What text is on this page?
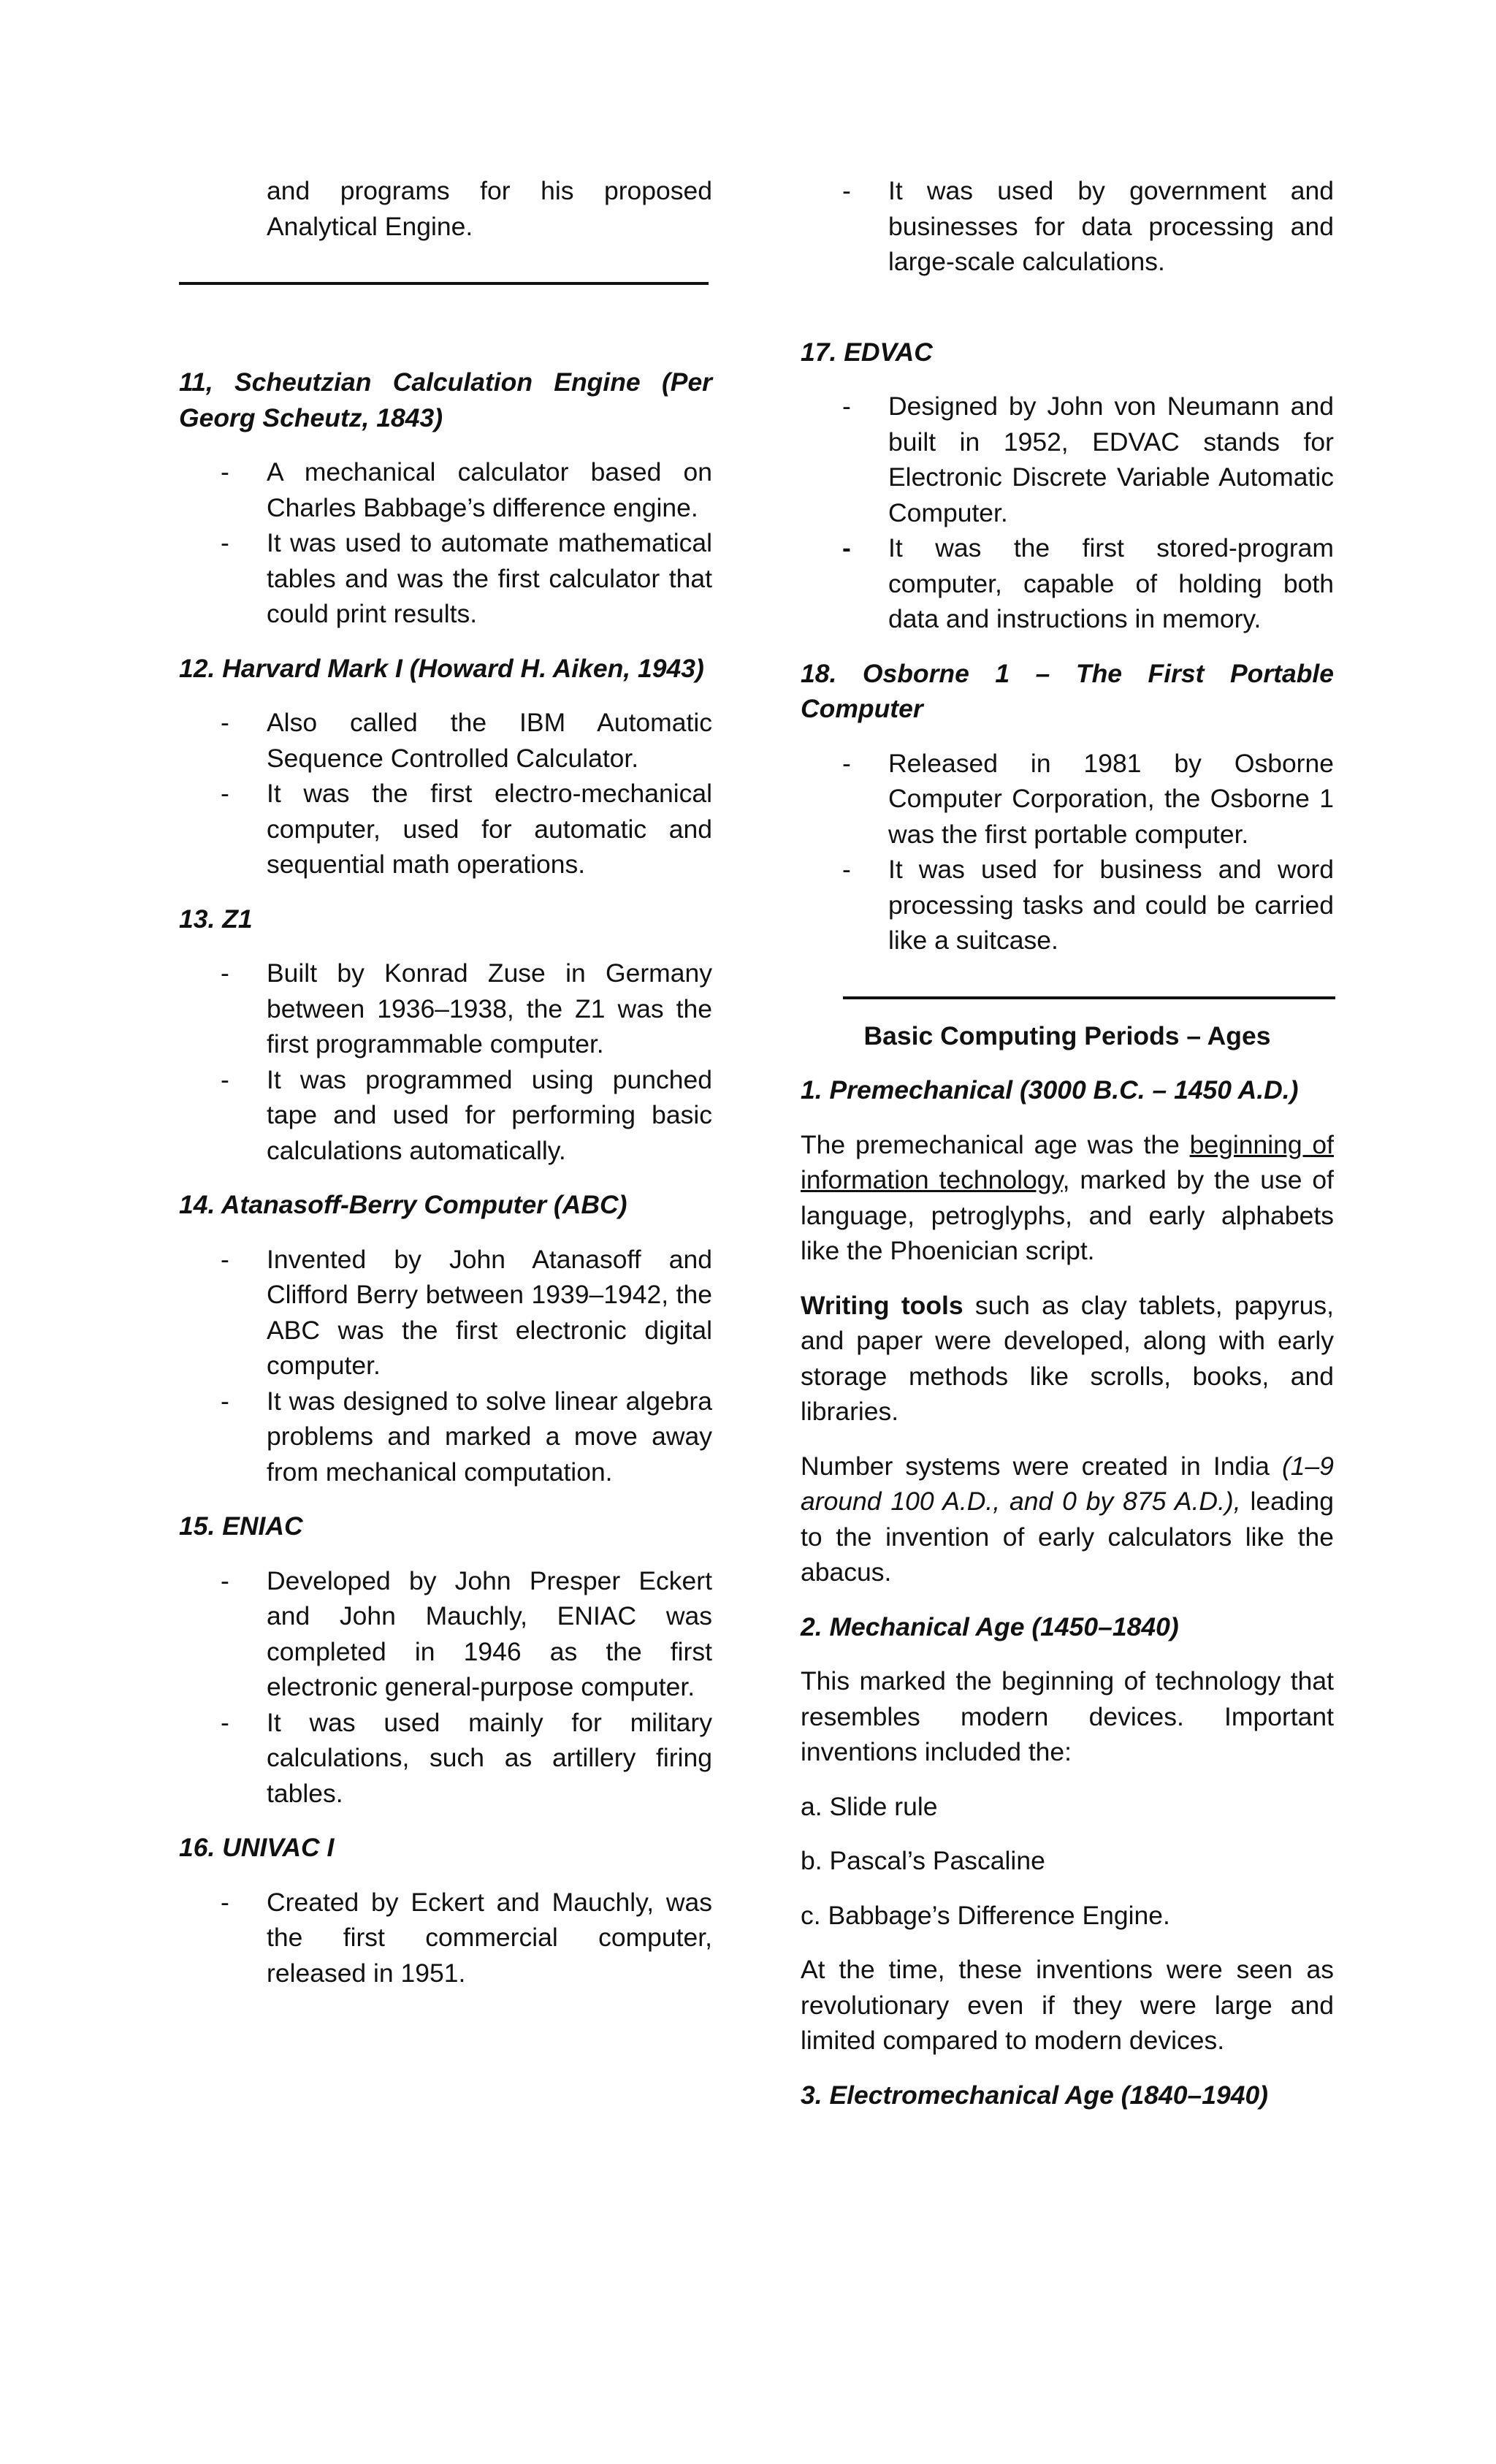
and programs for his proposed Analytical Engine.

11, Scheutzian Calculation Engine (Per Georg Scheutz, 1843)

- A mechanical calculator based on Charles Babbage’s difference engine.
- It was used to automate mathematical tables and was the first calculator that could print results.

12. Harvard Mark I (Howard H. Aiken, 1943)

- Also called the IBM Automatic Sequence Controlled Calculator.
- It was the first electro-mechanical computer, used for automatic and sequential math operations.

13. Z1

- Built by Konrad Zuse in Germany between 1936–1938, the Z1 was the first programmable computer.
- It was programmed using punched tape and used for performing basic calculations automatically.

14. Atanasoff-Berry Computer (ABC)

- Invented by John Atanasoff and Clifford Berry between 1939–1942, the ABC was the first electronic digital computer.
- It was designed to solve linear algebra problems and marked a move away from mechanical computation.

15. ENIAC

- Developed by John Presper Eckert and John Mauchly, ENIAC was completed in 1946 as the first electronic general-purpose computer.
- It was used mainly for military calculations, such as artillery firing tables.

16. UNIVAC I

- Created by Eckert and Mauchly, was the first commercial computer, released in 1951.
- It was used by government and businesses for data processing and large-scale calculations.

17. EDVAC

- Designed by John von Neumann and built in 1952, EDVAC stands for Electronic Discrete Variable Automatic Computer.
- It was the first stored-program computer, capable of holding both data and instructions in memory.

18. Osborne 1 – The First Portable Computer

- Released in 1981 by Osborne Computer Corporation, the Osborne 1 was the first portable computer.
- It was used for business and word processing tasks and could be carried like a suitcase.

Basic Computing Periods – Ages

1. Premechanical (3000 B.C. – 1450 A.D.)

The premechanical age was the beginning of information technology, marked by the use of language, petroglyphs, and early alphabets like the Phoenician script.

Writing tools such as clay tablets, papyrus, and paper were developed, along with early storage methods like scrolls, books, and libraries.

Number systems were created in India (1–9 around 100 A.D., and 0 by 875 A.D.), leading to the invention of early calculators like the abacus.

2. Mechanical Age (1450–1840)

This marked the beginning of technology that resembles modern devices. Important inventions included the:

a. Slide rule

b. Pascal’s Pascaline

c. Babbage’s Difference Engine.

At the time, these inventions were seen as revolutionary even if they were large and limited compared to modern devices.

3. Electromechanical Age (1840–1940)
